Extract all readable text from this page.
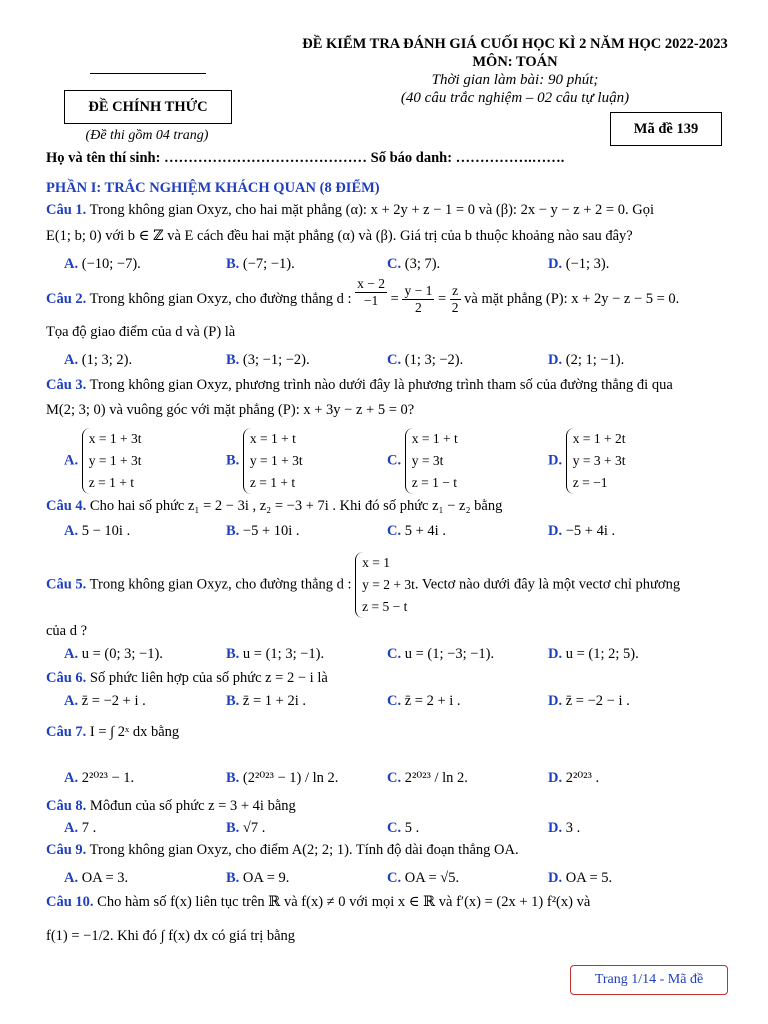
ĐỀ CHÍNH THỨC
(Đề thi gồm 04 trang)
ĐỀ KIỂM TRA ĐÁNH GIÁ CUỐI HỌC KÌ 2 NĂM HỌC 2022-2023
MÔN: TOÁN
Thời gian làm bài: 90 phút;
(40 câu trắc nghiệm – 02 câu tự luận)
Mã đề 139
Họ và tên thí sinh: …………………………………… Số báo danh: …………….…….
PHẦN I: TRẮC NGHIỆM KHÁCH QUAN (8 ĐIỂM)
Câu 1. Trong không gian Oxyz, cho hai mặt phẳng (α): x + 2y + z − 1 = 0 và (β): 2x − y − z + 2 = 0. Gọi
E(1; b; 0) với b ∈ ℤ và E cách đều hai mặt phẳng (α) và (β). Giá trị của b thuộc khoảng nào sau đây?
A. (−10; −7).	B. (−7; −1).	C. (3; 7).	D. (−1; 3).
Câu 2. Trong không gian Oxyz, cho đường thẳng d : $\frac{x - 2}{-1} = \frac{y - 1}{2} = \frac{z}{2}$ và mặt phẳng (P): x + 2y − z − 5 = 0.
Tọa độ giao điểm của d và (P) là
A. (1; 3; 2).	B. (3; −1; −2).	C. (1; 3; −2).	D. (2; 1; −1).
Câu 3. Trong không gian Oxyz, phương trình nào dưới đây là phương trình tham số của đường thẳng đi qua
M(2; 3; 0) và vuông góc với mặt phẳng (P): x + 3y − z + 5 = 0?
A.
x = 1 + 3t
y = 1 + 3t
z = 1 + t
B.
x = 1 + t
y = 1 + 3t
z = 1 + t
C.
x = 1 + t
y = 3t
z = 1 − t
D.
x = 1 + 2t
y = 3 + 3t
z = −1
Câu 4. Cho hai số phức z₁ = 2 − 3i , z₂ = −3 + 7i . Khi đó số phức z₁ − z₂ bằng
A. 5 − 10i .	B. −5 + 10i .	C. 5 + 4i .	D. −5 + 4i .
Câu 5. Trong không gian Oxyz, cho đường thẳng d :
x = 1
y = 2 + 3t
z = 5 − t
. Vectơ nào dưới đây là một vectơ chỉ phương
của d ?
A. u = (0; 3; −1).	B. u = (1; 3; −1).	C. u = (1; −3; −1).	D. u = (1; 2; 5).
Câu 6. Số phức liên hợp của số phức z = 2 − i là
A. z̄ = −2 + i .	B. z̄ = 1 + 2i .	C. z̄ = 2 + i .	D. z̄ = −2 − i .
Câu 7. I = ∫ 2ˣ dx bằng
A. 2²⁰²³ − 1.	B. (2²⁰²³ − 1) / ln 2.	C. 2²⁰²³ / ln 2.	D. 2²⁰²³ .
Câu 8. Môđun của số phức z = 3 + 4i bằng
A. 7 .	B. √7 .	C. 5 .	D. 3 .
Câu 9. Trong không gian Oxyz, cho điểm A(2; 2; 1). Tính độ dài đoạn thẳng OA.
A. OA = 3.	B. OA = 9.	C. OA = √5.	D. OA = 5.
Câu 10. Cho hàm số f(x) liên tục trên ℝ và f(x) ≠ 0 với mọi x ∈ ℝ và f′(x) = (2x + 1) f²(x) và
f(1) = −1/2. Khi đó ∫ f(x) dx có giá trị bằng
Trang 1/14 - Mã đề
